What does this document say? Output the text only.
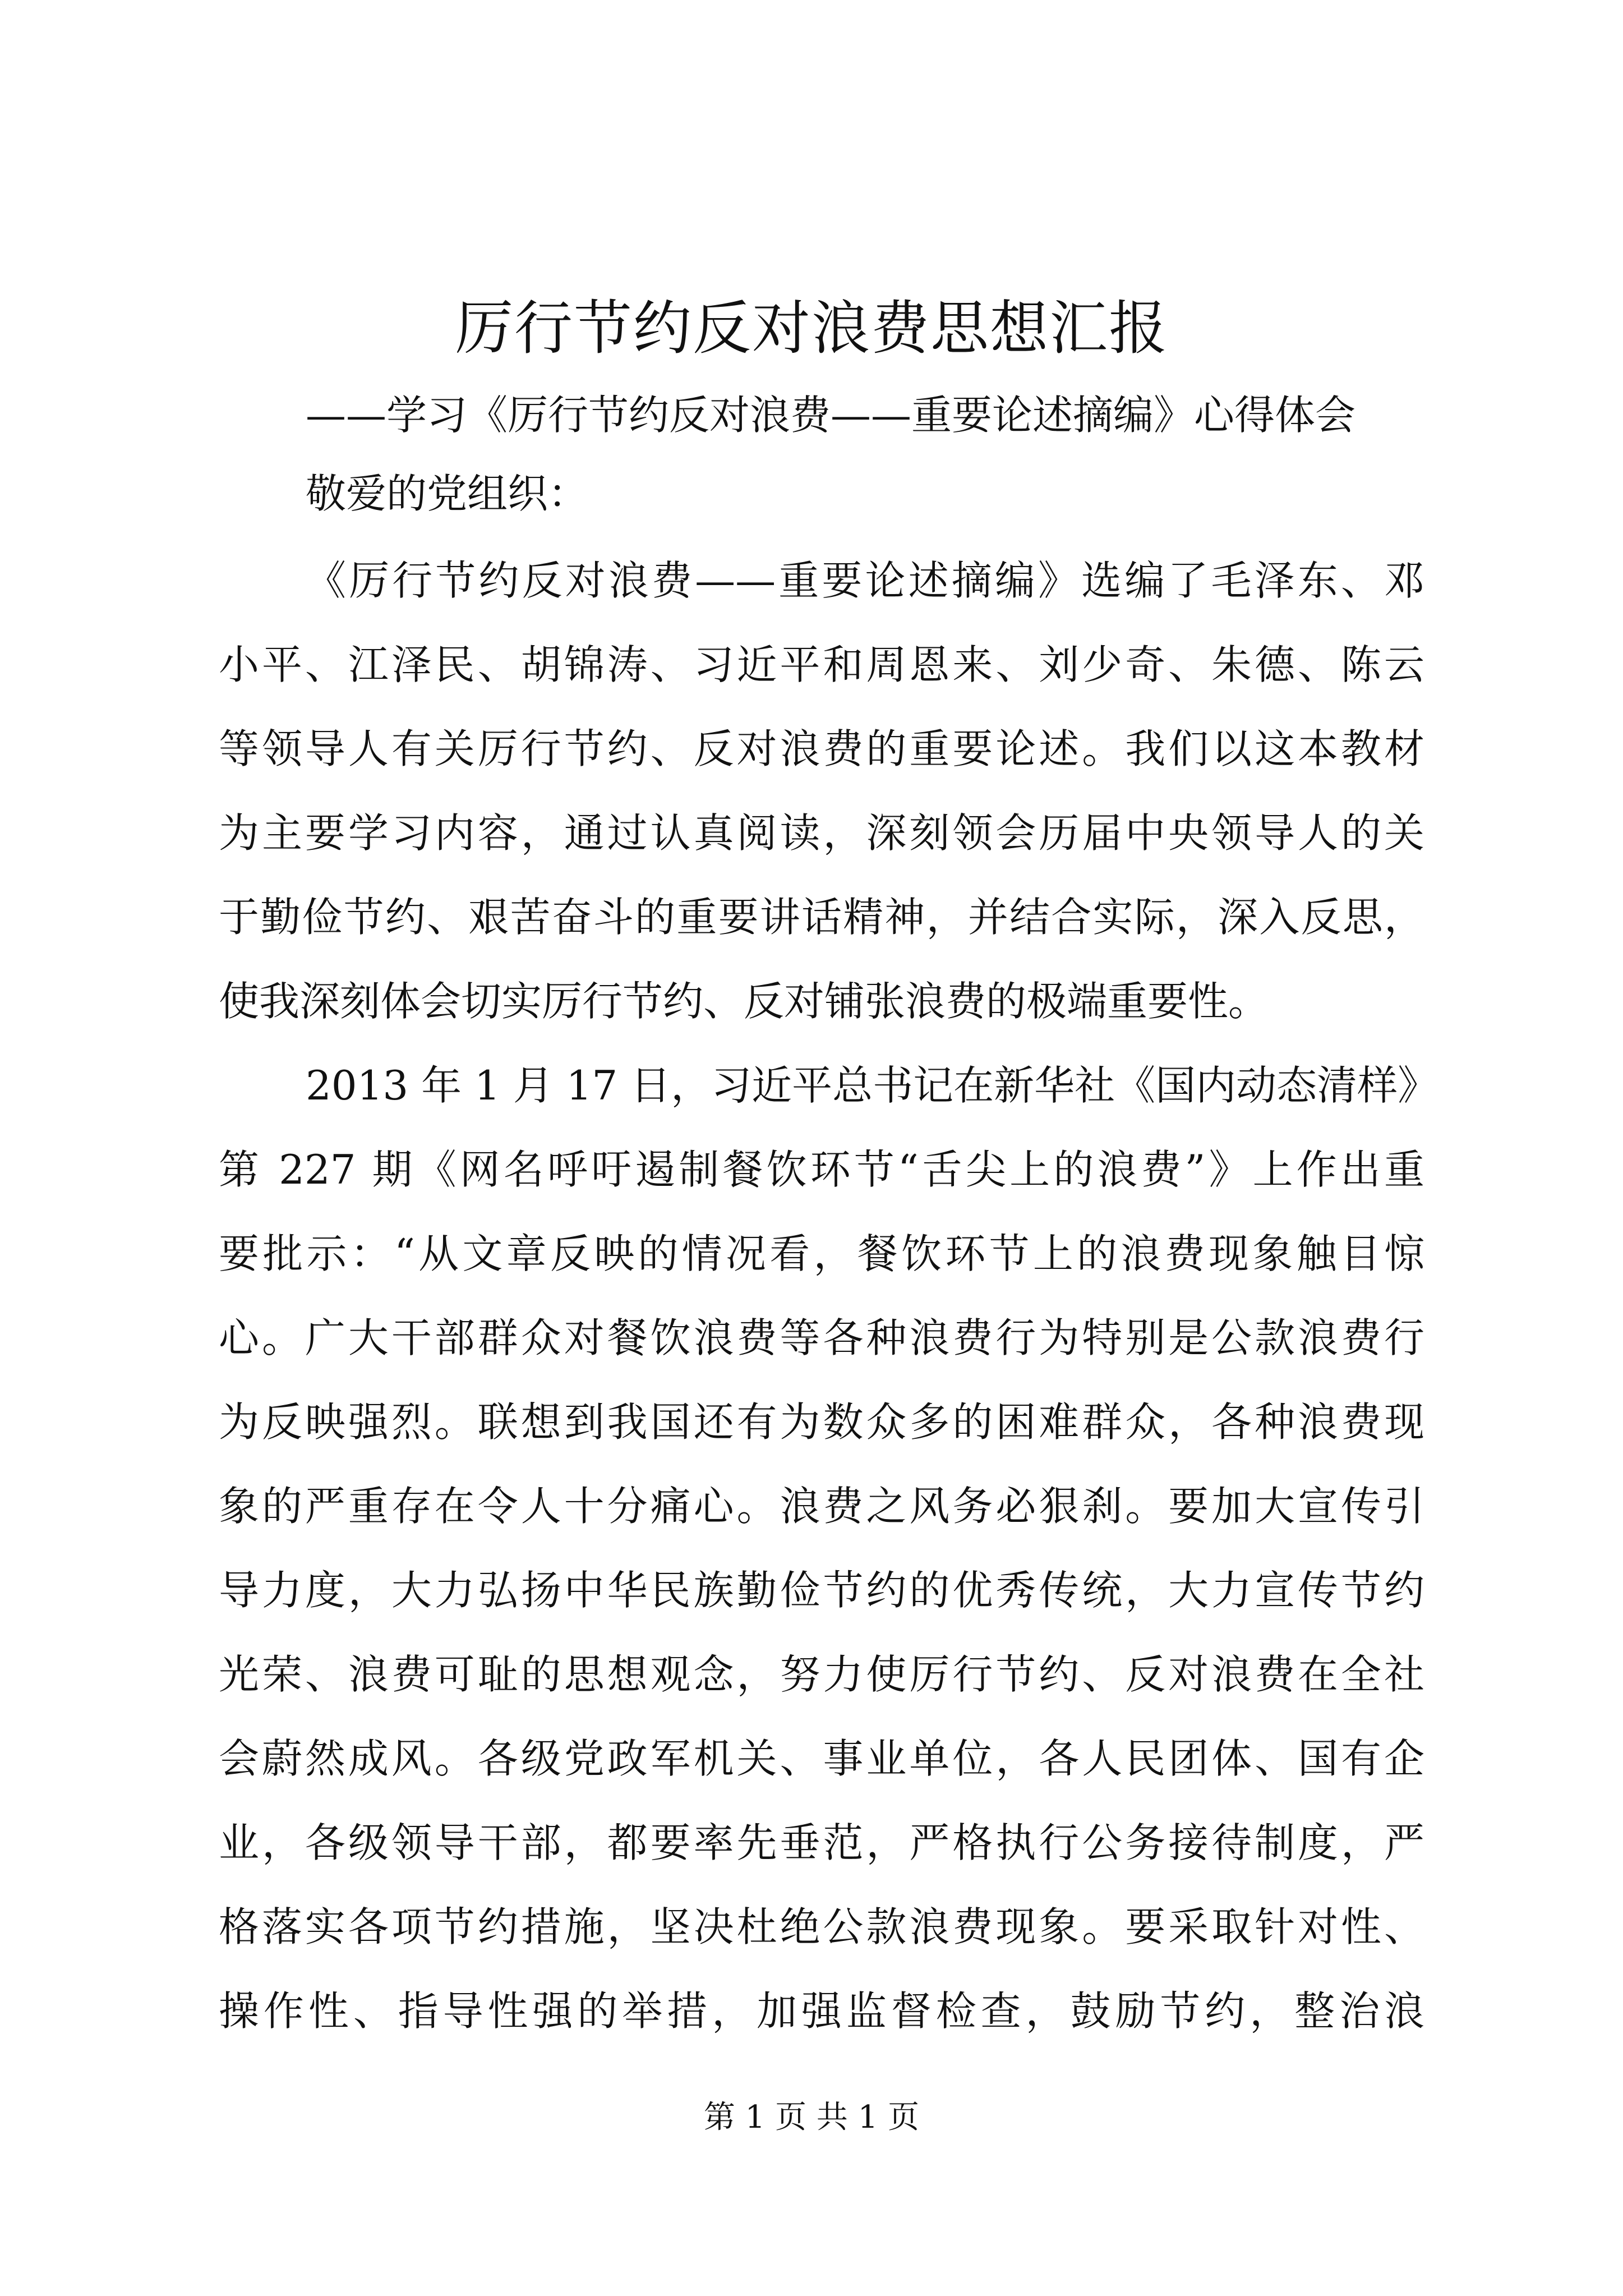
厉行节约反对浪费思想汇报

——学习《厉行节约反对浪费——重要论述摘编》心得体会

敬爱的党组织：

《厉行节约反对浪费——重要论述摘编》选编了毛泽东、邓

小平、江泽民、胡锦涛、习近平和周恩来、刘少奇、朱德、陈云

等领导人有关厉行节约、反对浪费的重要论述。我们以这本教材

为主要学习内容，通过认真阅读，深刻领会历届中央领导人的关

于勤俭节约、艰苦奋斗的重要讲话精神，并结合实际，深入反思，

使我深刻体会切实厉行节约、反对铺张浪费的极端重要性。

2013 年 1 月 17 日，习近平总书记在新华社《国内动态清样》

第 227 期《网名呼吁遏制餐饮环节“舌尖上的浪费”》上作出重

要批示：“从文章反映的情况看，餐饮环节上的浪费现象触目惊

心。广大干部群众对餐饮浪费等各种浪费行为特别是公款浪费行

为反映强烈。联想到我国还有为数众多的困难群众，各种浪费现

象的严重存在令人十分痛心。浪费之风务必狠刹。要加大宣传引

导力度，大力弘扬中华民族勤俭节约的优秀传统，大力宣传节约

光荣、浪费可耻的思想观念，努力使厉行节约、反对浪费在全社

会蔚然成风。各级党政军机关、事业单位，各人民团体、国有企

业，各级领导干部，都要率先垂范，严格执行公务接待制度，严

格落实各项节约措施，坚决杜绝公款浪费现象。要采取针对性、

操作性、指导性强的举措，加强监督检查，鼓励节约，整治浪

第 1 页 共 1 页
